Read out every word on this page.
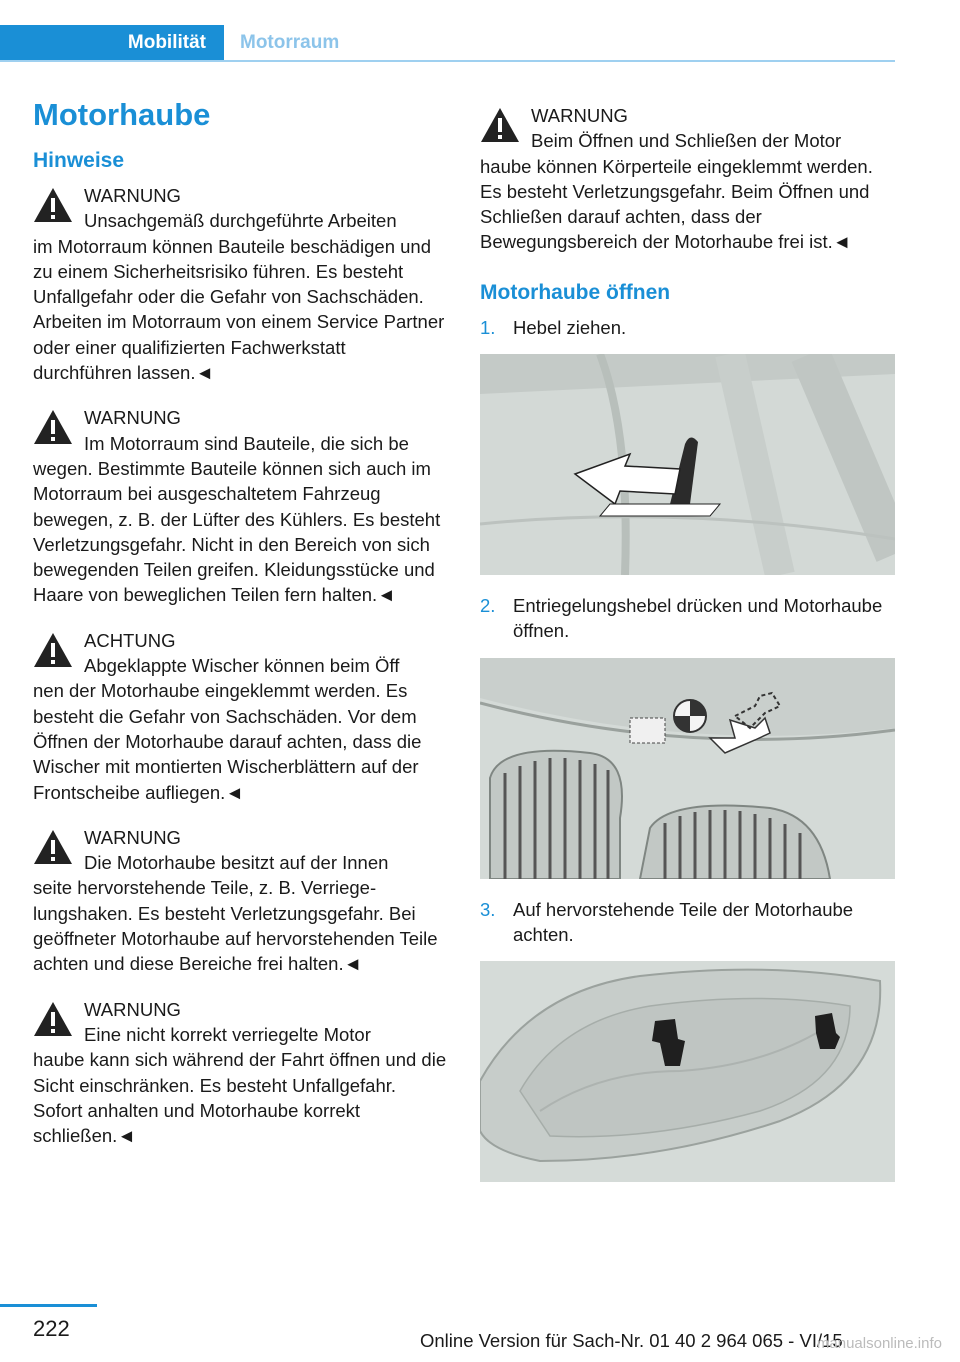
Mobilität	Motorraum
Motorhaube
Hinweise

WARNUNG
Unsachgemäß durchgeführte Arbeiten
im Motorraum können Bauteile beschädigen und zu einem Sicherheitsrisiko führen. Es besteht Unfallgefahr oder die Gefahr von Sachschäden. Arbeiten im Motorraum von einem Service Partner oder einer qualifizierten Fachwerkstatt durchführen lassen.◄

WARNUNG
Im Motorraum sind Bauteile, die sich be
wegen. Bestimmte Bauteile können sich auch im Motorraum bei ausgeschaltetem Fahrzeug bewegen, z. B. der Lüfter des Kühlers. Es besteht Verletzungsgefahr. Nicht in den Bereich von sich bewegenden Teilen greifen. Kleidungsstücke und Haare von beweglichen Teilen fern halten.◄

ACHTUNG
Abgeklappte Wischer können beim Öff
nen der Motorhaube eingeklemmt werden. Es besteht die Gefahr von Sachschäden. Vor dem Öffnen der Motorhaube darauf achten, dass die Wischer mit montierten Wischerblättern auf der Frontscheibe aufliegen.◄

WARNUNG
Die Motorhaube besitzt auf der Innen
seite hervorstehende Teile, z. B. Verriegelungshaken. Es besteht Verletzungsgefahr. Bei geöffneter Motorhaube auf hervorstehenden Teile achten und diese Bereiche frei halten.◄

WARNUNG
Eine nicht korrekt verriegelte Motor
haube kann sich während der Fahrt öffnen und die Sicht einschränken. Es besteht Unfallgefahr. Sofort anhalten und Motorhaube korrekt schließen.◄

WARNUNG
Beim Öffnen und Schließen der Motor
haube können Körperteile eingeklemmt werden. Es besteht Verletzungsgefahr. Beim Öffnen und Schließen darauf achten, dass der Bewegungsbereich der Motorhaube frei ist.◄

Motorhaube öffnen
1. Hebel ziehen.
2. Entriegelungshebel drücken und Motorhaube öffnen.
3. Auf hervorstehende Teile der Motorhaube achten.
222	Online Version für Sach-Nr. 01 40 2 964 065 - VI/15
manualsonline.info
